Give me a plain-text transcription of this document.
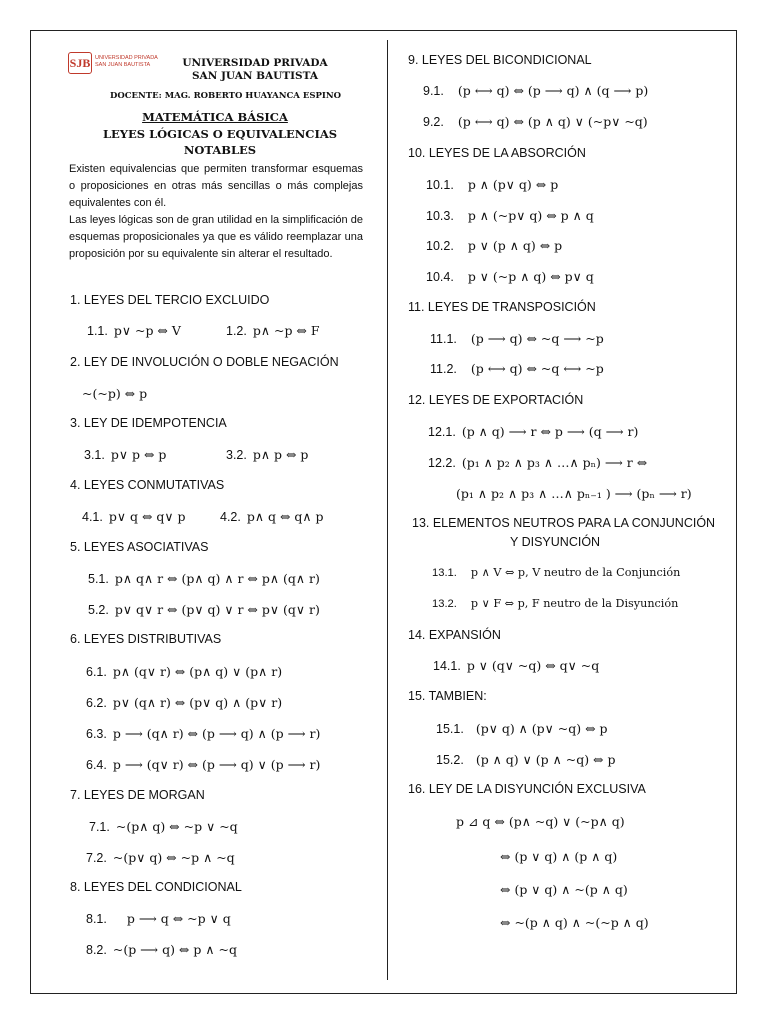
SJB UNIVERSIDAD PRIVADA
SAN JUAN BAUTISTA	UNIVERSIDAD PRIVADA
SAN JUAN BAUTISTA
DOCENTE: MAG. ROBERTO HUAYANCA ESPINO
MATEMÁTICA BÁSICA
LEYES LÓGICAS O EQUIVALENCIAS
NOTABLES
Existen equivalencias que permiten transformar esquemas o proposiciones en otras más sencillas o más complejas equivalentes con él.
Las leyes lógicas son de gran utilidad en la simplificación de esquemas proposicionales ya que es válido reemplazar una proposición por su equivalente sin alterar el resultado.
1. LEYES DEL TERCIO EXCLUIDO
1.1. p∨ ~p ⇔ V	1.2. p∧ ~p ⇔ F
2. LEY DE INVOLUCIÓN O DOBLE NEGACIÓN
~(~p) ⇔ p
3. LEY DE IDEMPOTENCIA
3.1. p∨ p ⇔ p	3.2. p∧ p ⇔ p
4. LEYES CONMUTATIVAS
4.1. p∨ q ⇔ q∨ p	4.2. p∧ q ⇔ q∧ p
5. LEYES ASOCIATIVAS
5.1. p∧ q∧ r ⇔ (p∧ q) ∧ r ⇔ p∧ (q∧ r)
5.2. p∨ q∨ r ⇔ (p∨ q) ∨ r ⇔ p∨ (q∨ r)
6. LEYES DISTRIBUTIVAS
6.1. p∧ (q∨ r) ⇔ (p∧ q) ∨ (p∧ r)
6.2. p∨ (q∧ r) ⇔ (p∨ q) ∧ (p∨ r)
6.3. p ⟶ (q∧ r) ⇔ (p ⟶ q) ∧ (p ⟶ r)
6.4. p ⟶ (q∨ r) ⇔ (p ⟶ q) ∨ (p ⟶ r)
7. LEYES DE MORGAN
7.1. ~(p∧ q) ⇔ ~p ∨ ~q
7.2. ~(p∨ q) ⇔ ~p ∧ ~q
8. LEYES DEL CONDICIONAL
8.1. p ⟶ q ⇔ ~p ∨ q
8.2. ~(p ⟶ q) ⇔ p ∧ ~q
9. LEYES DEL BICONDICIONAL
9.1. (p ⟷ q) ⇔ (p ⟶ q) ∧ (q ⟶ p)
9.2. (p ⟷ q) ⇔ (p ∧ q) ∨ (~p∨ ~q)
10. LEYES DE LA ABSORCIÓN
10.1. p ∧ (p∨ q) ⇔ p
10.3. p ∧ (~p∨ q) ⇔ p ∧ q
10.2. p ∨ (p ∧ q) ⇔ p
10.4. p ∨ (~p ∧ q) ⇔ p∨ q
11. LEYES DE TRANSPOSICIÓN
11.1. (p ⟶ q) ⇔ ~q ⟶ ~p
11.2. (p ⟷ q) ⇔ ~q ⟷ ~p
12. LEYES DE EXPORTACIÓN
12.1. (p ∧ q) ⟶ r ⇔ p ⟶ (q ⟶ r)
12.2. (p₁ ∧ p₂ ∧ p₃ ∧ …∧ pₙ) ⟶ r ⇔
(p₁ ∧ p₂ ∧ p₃ ∧ …∧ pₙ₋₁ ) ⟶ (pₙ ⟶ r)
13. ELEMENTOS NEUTROS PARA LA CONJUNCIÓN
Y DISYUNCIÓN
13.1. p ∧ V ⇔ p, V neutro de la Conjunción
13.2. p ∨ F ⇔ p, F neutro de la Disyunción
14. EXPANSIÓN
14.1. p ∨ (q∨ ~q) ⇔ q∨ ~q
15. TAMBIEN:
15.1. (p∨ q) ∧ (p∨ ~q) ⇔ p
15.2. (p ∧ q) ∨ (p ∧ ~q) ⇔ p
16. LEY DE LA DISYUNCIÓN EXCLUSIVA
p ⊿ q ⇔ (p∧ ~q) ∨ (~p∧ q)
⇔ (p ∨ q) ∧ (p ∧ q)
⇔ (p ∨ q) ∧ ~(p ∧ q)
⇔ ~(p ∧ q) ∧ ~(~p ∧ q)
